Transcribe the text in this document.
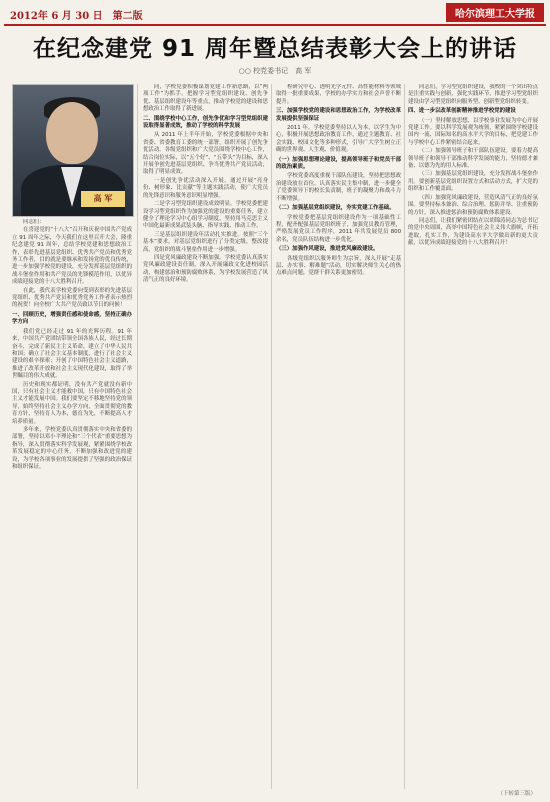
2012年 6 月 30 日　第二版	哈尔滨理工大学报
在纪念建党 91 周年暨总结表彰大会上的讲话
○○ 校党委书记　高 军
高 军

同志们：

在喜迎党的“十八大”召开和庆祝中国共产党成立 91 周年之际，今天我们在这里召开大会，隆重纪念建党 91 周年，总结学校党建和思想政治工作，表彰先进基层党组织、优秀共产党员和优秀党务工作者，目的就是要继承和发扬党的优良传统，进一步加强学校党的建设，充分发挥基层党组织的战斗堡垒作用和共产党员的先锋模范作用，以优异成绩迎接党的十八大胜利召开。

在此，我代表学校党委向受到表彰的先进基层党组织、优秀共产党员和优秀党务工作者表示热烈的祝贺！向全校广大共产党员致以节日的问候！

一、回顾历史，增强责任感和使命感，坚持正确办学方向

我们党已经走过 91 年的光辉历程。91 年来，中国共产党团结带领全国各族人民，经过长期奋斗，完成了新民主主义革命，建立了中华人民共和国；确立了社会主义基本制度，进行了社会主义建设的艰辛探索；开创了中国特色社会主义道路，推进了改革开放和社会主义现代化建设，取得了举世瞩目的伟大成就。

历史和现实都证明，没有共产党就没有新中国，只有社会主义才能救中国，只有中国特色社会主义才能发展中国。我们要坚定不移地坚持党的领导，始终坚持社会主义办学方向，全面贯彻党的教育方针，坚持育人为本，德育为先，不断提高人才培养质量。

多年来，学校党委认真贯彻落实中央和省委的部署，坚持以邓小平理论和“三个代表”重要思想为指导，深入贯彻落实科学发展观，紧紧围绕学校改革发展稳定的中心任务，不断加强和改进党的建设，为学校各项事业的发展提供了坚强的政治保证和组织保证。

同，学校党委积极谋划党建工作新思路，以“两项工作”为抓手，把握学习型党组织建设、创先争优、基层组织建设年等重点，推动学校党的建设和思想政治工作取得了新进展。

二、围绕学校中心工作，创先争优和学习型党组织建设取得显著成效，推动了学校的科学发展

从 2011 年上半年开始，学校党委根据中央和省委、省委教育工委的统一部署，组织开展了创先争优活动。各级党组织和广大党员围绕学校中心工作，结合岗位实际，以“五个好”、“五带头”为目标，深入开展争创先进基层党组织、争当优秀共产党员活动，取得了明显成效。

一是创先争优活动深入开展。通过开展“亮身份、树形象、比贡献”等主题实践活动，使广大党员的先锋意识和服务意识明显增强。

二是学习型党组织建设成效明显。学校党委把建设学习型党组织作为加强党的建设的重要任务，建立健全了理论学习中心组学习制度，坚持用马克思主义中国化最新成果武装头脑、指导实践、推动工作。

三是基层组织建设年活动扎实推进。按照“三个基本”要求，对基层党组织进行了分类定级，整改提高，党组织的战斗堡垒作用进一步增强。

四是党风廉政建设不断加强。学校党委认真落实党风廉政建设责任制，深入开展廉政文化进校园活动，构建惩治和预防腐败体系，为学校发展营造了风清气正的良好环境。

程研究中心、透明光学元件、高性能材料等领域取得一批重要成果，学校的办学实力和社会声誉不断提升。

三、加强学校党的建设和思想政治工作，为学校改革发展提供坚强保证

2011 年，学校党委坚持以人为本，以学生为中心，积极开展思想政治教育工作，通过主题教育、社会实践、校园文化等多种形式，引导广大学生树立正确的世界观、人生观、价值观。

（一）加强思想理论建设，提高领导班子和党员干部的政治素质。

学校党委高度重视干部队伍建设，坚持把思想政治建设放在首位，认真落实民主集中制，进一步健全了党委领导下的校长负责制，班子的凝聚力和战斗力不断增强。

（二）加强基层党组织建设，夯实党建工作基础。

学校党委把基层党组织建设作为一项基础性工程，配齐配强基层党组织班子，加强党员教育管理，严格发展党员工作程序，2011 年共发展党员 800 余名，党员队伍结构进一步优化。

（三）加强作风建设，推进党风廉政建设。

各级党组织以服务师生为宗旨，深入开展“走基层、办实事、解难题”活动，切实解决师生关心的热点难点问题，党群干群关系更加密切。

同志们，学习型党组织建设，我校的一个突出特点是注重实践与创新，强化实践环节，推进学习型党组织建设由学习型党组织向服务型、创新型党组织转变。

四、进一步以改革创新精神推进学校党的建设

（一）坚持解放思想，以学校事业发展为中心开展党建工作。要以科学发展观为统领，紧紧围绕学校建设国内一流、国际知名的高水平大学的目标，把党建工作与学校中心工作紧密结合起来。

（二）加强领导班子和干部队伍建设。要着力提高领导班子和领导干部推动科学发展的能力，坚持德才兼备、以德为先的用人标准。

（三）加强基层党组织建设，充分发挥战斗堡垒作用。要创新基层党组织设置方式和活动方式，扩大党的组织和工作覆盖面。

（四）加强党风廉政建设，营造风清气正的良好氛围。要坚持标本兼治、综合治理、惩防并举、注重预防的方针，深入推进惩治和预防腐败体系建设。

同志们，让我们紧密团结在以胡锦涛同志为总书记的党中央周围，高举中国特色社会主义伟大旗帜，开拓进取，扎实工作，为建设高水平大学做出新的更大贡献，以优异成绩迎接党的十八大胜利召开！

（下转第三版）
